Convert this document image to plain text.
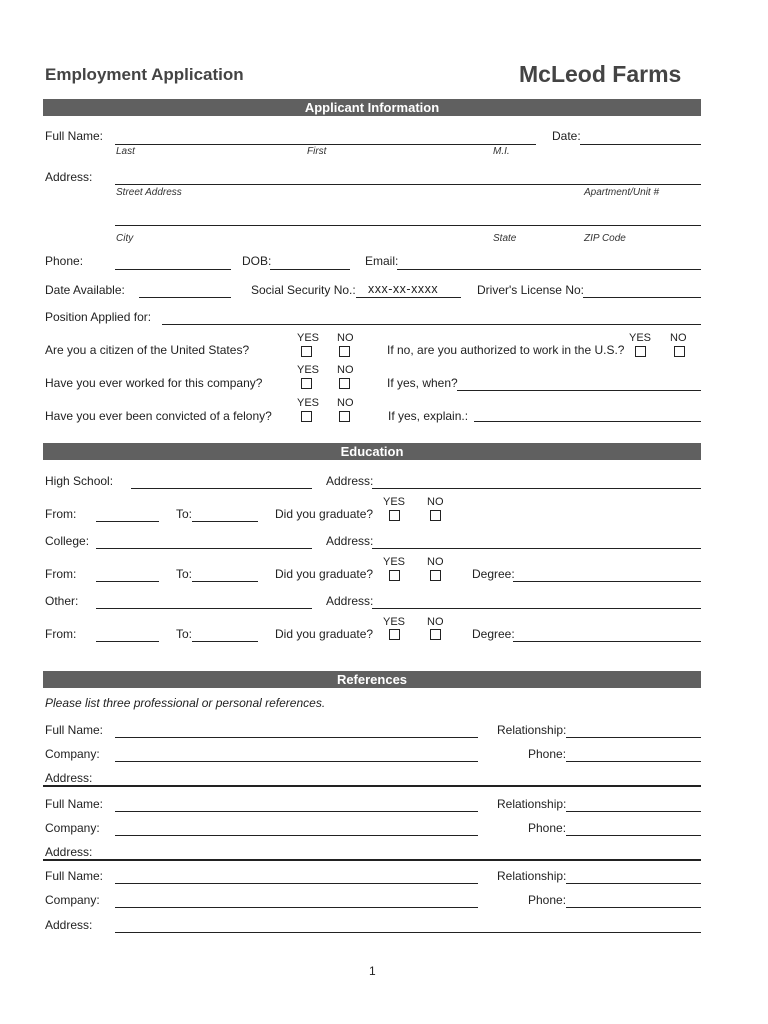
Employment Application	McLeod Farms
Applicant Information
Full Name:	Date:
Last	First	M.I.
Address:
Street Address	Apartment/Unit #
City	State	ZIP Code
Phone:	DOB:	Email:
Date Available:	Social Security No.: xxx-xx-xxxx	Driver's License No:
Position Applied for:
YES NO
Are you a citizen of the United States?
YES NO
If no, are you authorized to work in the U.S.?
YES NO
Have you ever worked for this company?	If yes, when?
YES NO
Have you ever been convicted of a felony?	If yes, explain.:
Education
High School:	Address:
YES NO
From:	To:	Did you graduate?
College:	Address:
YES NO
From:	To:	Did you graduate?	Degree:
Other:	Address:
YES NO
From:	To:	Did you graduate?	Degree:
References
Please list three professional or personal references.
Full Name:	Relationship:
Company:	Phone:
Address:
Full Name:	Relationship:
Company:	Phone:
Address:
Full Name:	Relationship:
Company:	Phone:
Address:
1
